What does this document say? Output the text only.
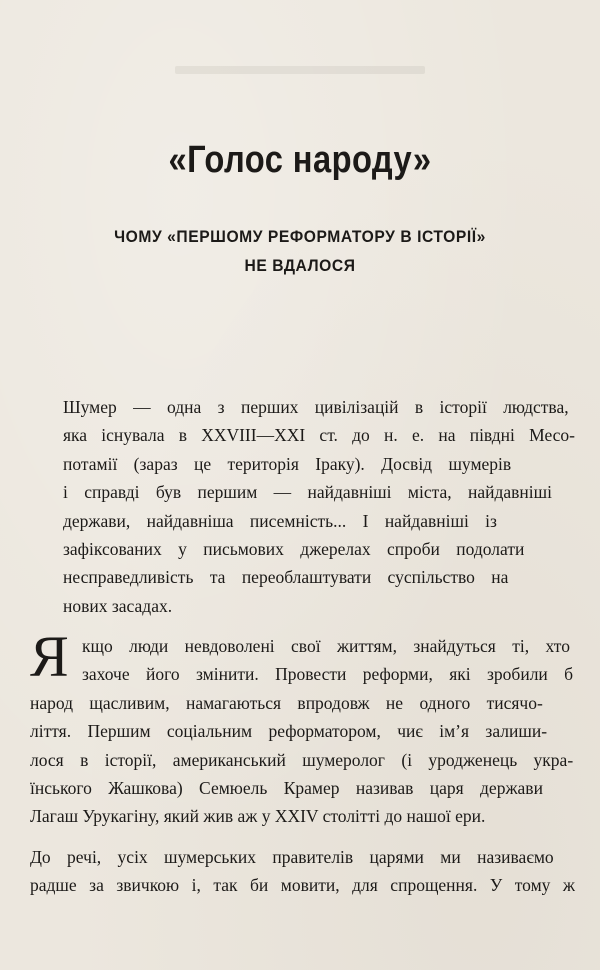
«Голос народу»
ЧОМУ «ПЕРШОМУ РЕФОРМАТОРУ В ІСТОРІЇ»
НЕ ВДАЛОСЯ

Шумер — одна з перших цивілізацій в історії людства,
яка існувала в XXVIII—XXI ст. до н. е. на півдні Месо-
потамії (зараз це територія Іраку). Досвід шумерів
і справді був першим — найдавніші міста, найдавніші
держави, найдавніша писемність... І найдавніші із
зафіксованих у письмових джерелах спроби подолати
несправедливість та переоблаштувати суспільство на
нових засадах.

Я кщо люди невдоволені свої життям, знайдуться ті, хто
захоче його змінити. Провести реформи, які зробили б
народ щасливим, намагаються впродовж не одного тисячо-
ліття. Першим соціальним реформатором, чиє ім’я залиши-
лося в історії, американський шумеролог (і уродженець укра-
їнського Жашкова) Семюель Крамер називав царя держави
Лагаш Урукагіну, який жив аж у XXIV столітті до нашої ери.

До речі, усіх шумерських правителів царями ми називаємо
радше за звичкою і, так би мовити, для спрощення. У тому ж
